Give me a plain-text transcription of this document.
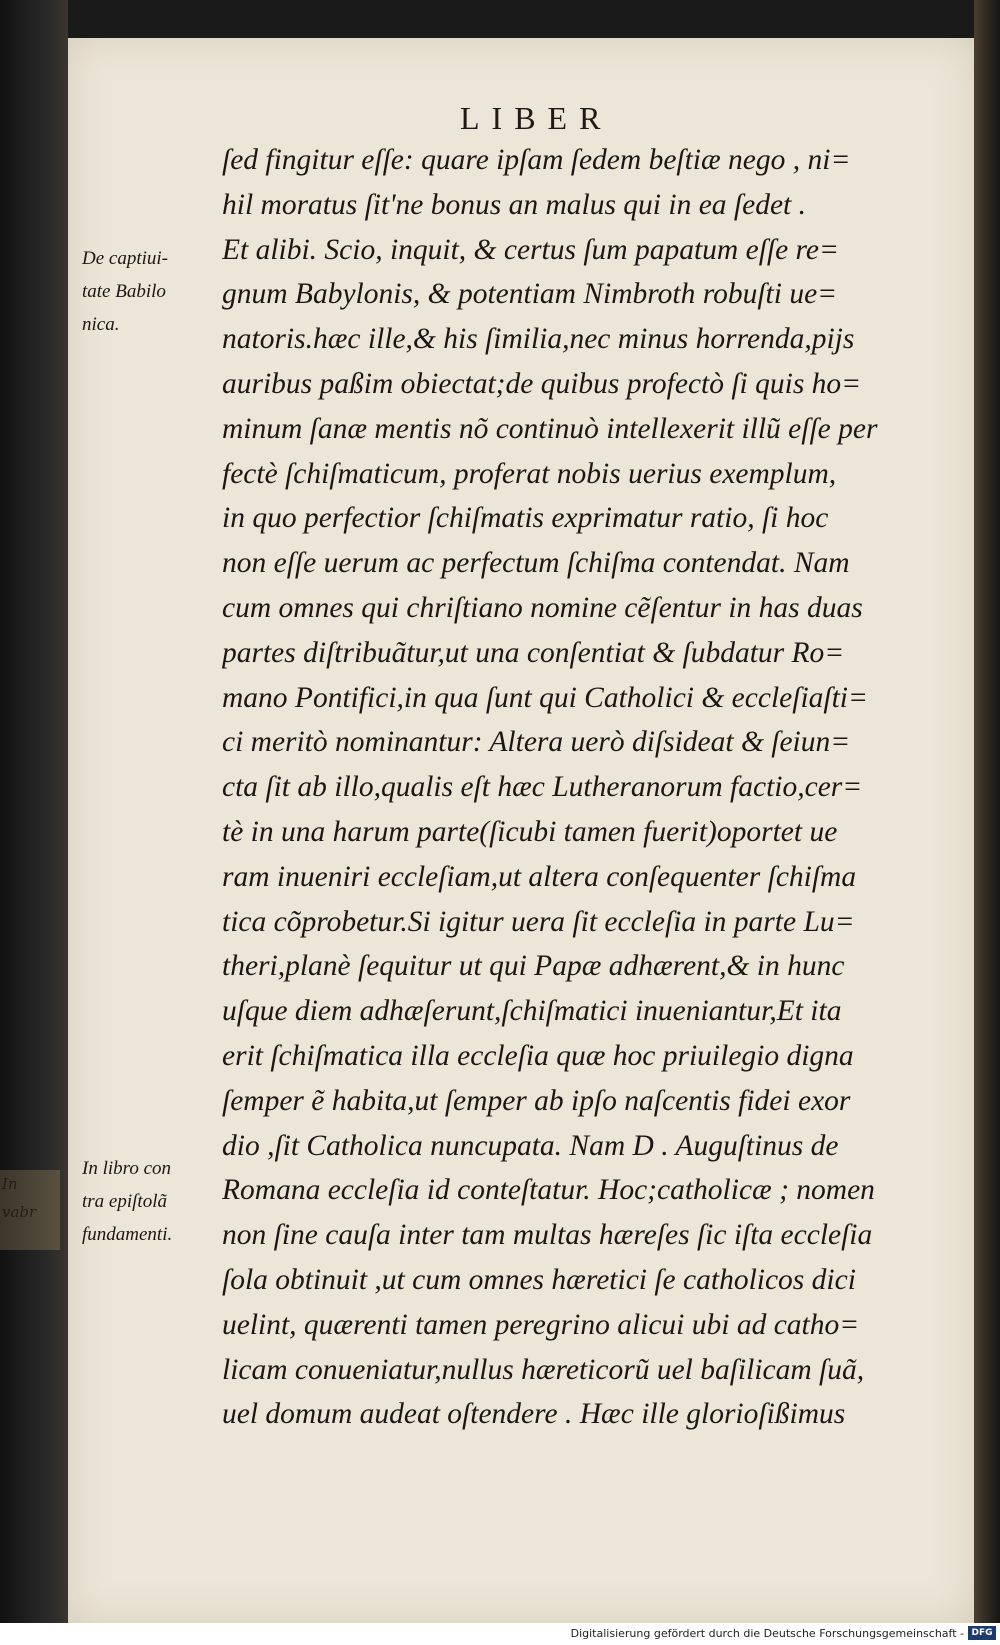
In
vabr
LIBER
ſed fingitur eſſe: quare ipſam ſedem beſtiæ nego , ni=
hil moratus ſit'ne bonus an malus qui in ea ſedet .
Et alibi. Scio, inquit, & certus ſum papatum eſſe re=
gnum Babylonis, & potentiam Nimbroth robuſti ue=
natoris.hæc ille,& his ſimilia,nec minus horrenda,pijs
auribus paßim obiectat;de quibus profectò ſi quis ho=
minum ſanæ mentis nõ continuò intellexerit illũ eſſe per
fectè ſchiſmaticum, proferat nobis uerius exemplum,
in quo perfectior ſchiſmatis exprimatur ratio, ſi hoc
non eſſe uerum ac perfectum ſchiſma contendat. Nam
cum omnes qui chriſtiano nomine cẽſentur in has duas
partes diſtribuãtur,ut una conſentiat & ſubdatur Ro=
mano Pontifici,in qua ſunt qui Catholici & eccleſiaſti=
ci meritò nominantur: Altera uerò diſsideat & ſeiun=
cta ſit ab illo,qualis eſt hæc Lutheranorum factio,cer=
tè in una harum parte(ſicubi tamen fuerit)oportet ue
ram inueniri eccleſiam,ut altera conſequenter ſchiſma
tica cõprobetur.Si igitur uera ſit eccleſia in parte Lu=
theri,planè ſequitur ut qui Papæ adhærent,& in hunc
uſque diem adhæſerunt,ſchiſmatici inueniantur,Et ita
erit ſchiſmatica illa eccleſia quæ hoc priuilegio digna
ſemper ẽ habita,ut ſemper ab ipſo naſcentis fidei exor
dio ,ſit Catholica nuncupata. Nam D . Auguſtinus de
Romana eccleſia id conteſtatur. Hoc;catholicæ ; nomen
non ſine cauſa inter tam multas hæreſes ſic iſta eccleſia
ſola obtinuit ,ut cum omnes hæretici ſe catholicos dici
uelint, quærenti tamen peregrino alicui ubi ad catho=
licam conueniatur,nullus hæreticorũ uel baſilicam ſuã,
uel domum audeat oſtendere . Hæc ille glorioſißimus
De captiui-
tate Babilo
nica.
In libro con
tra epiſtolã
fundamenti.
Digitalisierung gefördert durch die Deutsche Forschungsgemeinschaft - DFG
